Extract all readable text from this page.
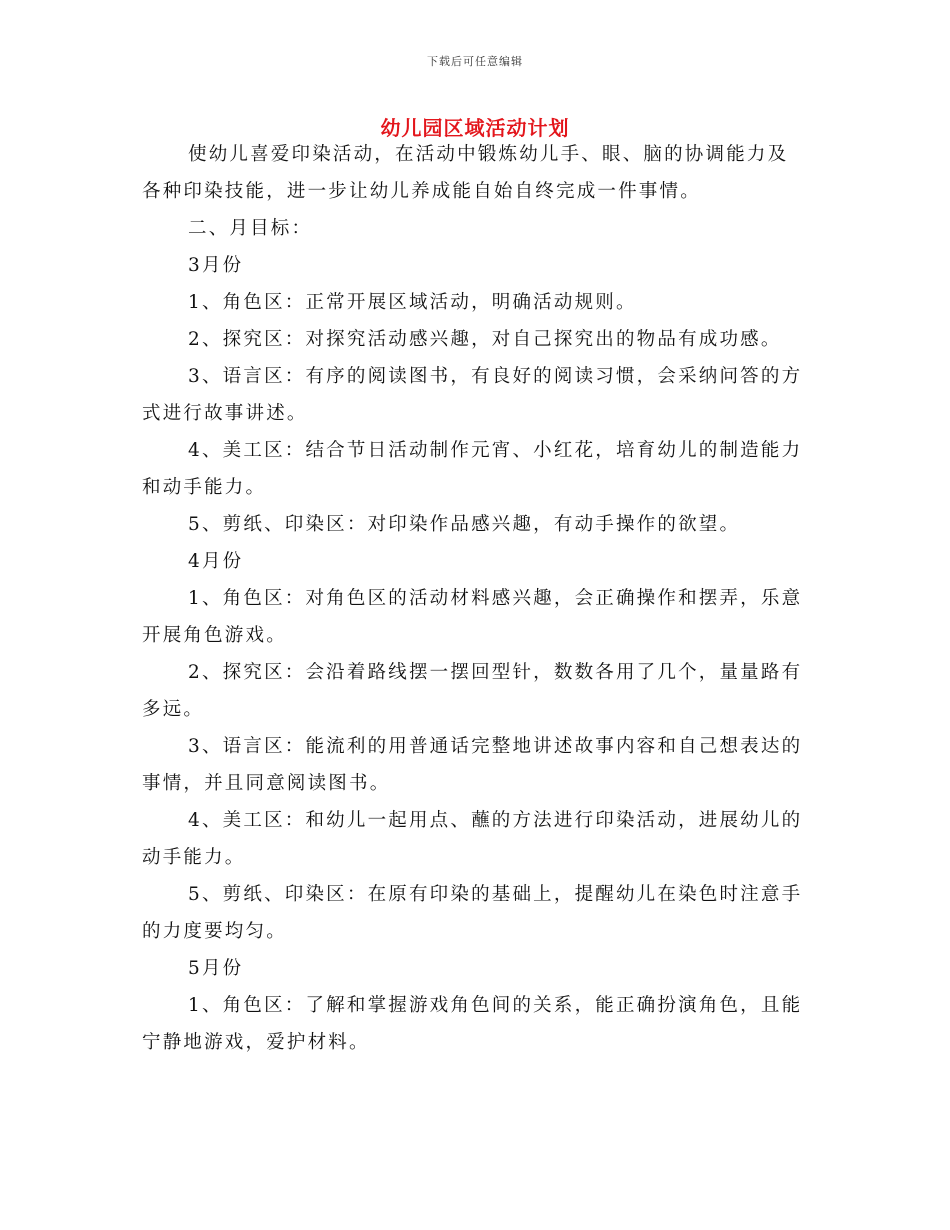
下载后可任意编辑
幼儿园区域活动计划

使幼儿喜爱印染活动，在活动中锻炼幼儿手、眼、脑的协调能力及各种印染技能，进一步让幼儿养成能自始自终完成一件事情。

二、月目标：

3月份

1、角色区：正常开展区域活动，明确活动规则。

2、探究区：对探究活动感兴趣，对自己探究出的物品有成功感。

3、语言区：有序的阅读图书，有良好的阅读习惯，会采纳问答的方式进行故事讲述。

4、美工区：结合节日活动制作元宵、小红花，培育幼儿的制造能力和动手能力。

5、剪纸、印染区：对印染作品感兴趣，有动手操作的欲望。

4月份

1、角色区：对角色区的活动材料感兴趣，会正确操作和摆弄，乐意开展角色游戏。

2、探究区：会沿着路线摆一摆回型针，数数各用了几个，量量路有多远。

3、语言区：能流利的用普通话完整地讲述故事内容和自己想表达的事情，并且同意阅读图书。

4、美工区：和幼儿一起用点、蘸的方法进行印染活动，进展幼儿的动手能力。

5、剪纸、印染区：在原有印染的基础上，提醒幼儿在染色时注意手的力度要均匀。

5月份

1、角色区：了解和掌握游戏角色间的关系，能正确扮演角色，且能宁静地游戏，爱护材料。
